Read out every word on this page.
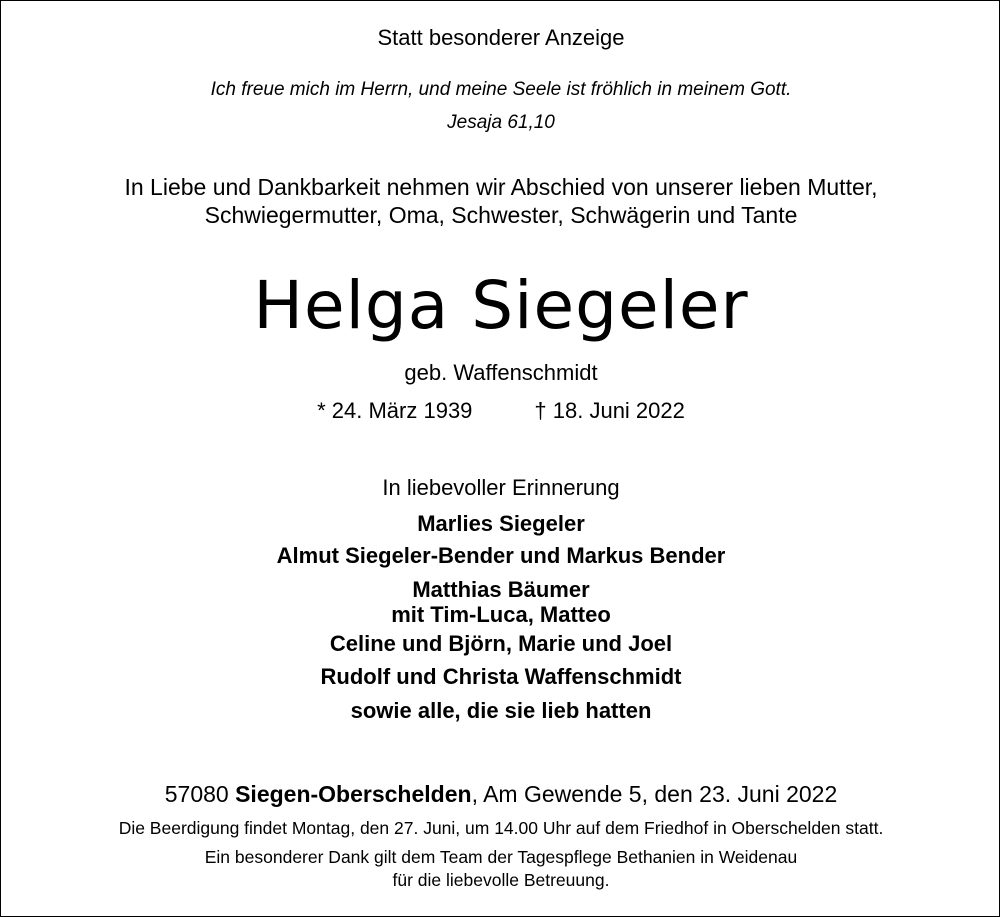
Statt besonderer Anzeige
Ich freue mich im Herrn, und meine Seele ist fröhlich in meinem Gott.
Jesaja 61,10
In Liebe und Dankbarkeit nehmen wir Abschied von unserer lieben Mutter,
Schwiegermutter, Oma, Schwester, Schwägerin und Tante
Helga Siegeler
geb. Waffenschmidt
* 24. März 1939	† 18. Juni 2022
In liebevoller Erinnerung
Marlies Siegeler
Almut Siegeler-Bender und Markus Bender
Matthias Bäumer
mit Tim-Luca, Matteo
Celine und Björn, Marie und Joel
Rudolf und Christa Waffenschmidt
sowie alle, die sie lieb hatten
57080 Siegen-Oberschelden, Am Gewende 5, den 23. Juni 2022
Die Beerdigung findet Montag, den 27. Juni, um 14.00 Uhr auf dem Friedhof in Oberschelden statt.
Ein besonderer Dank gilt dem Team der Tagespflege Bethanien in Weidenau
für die liebevolle Betreuung.
